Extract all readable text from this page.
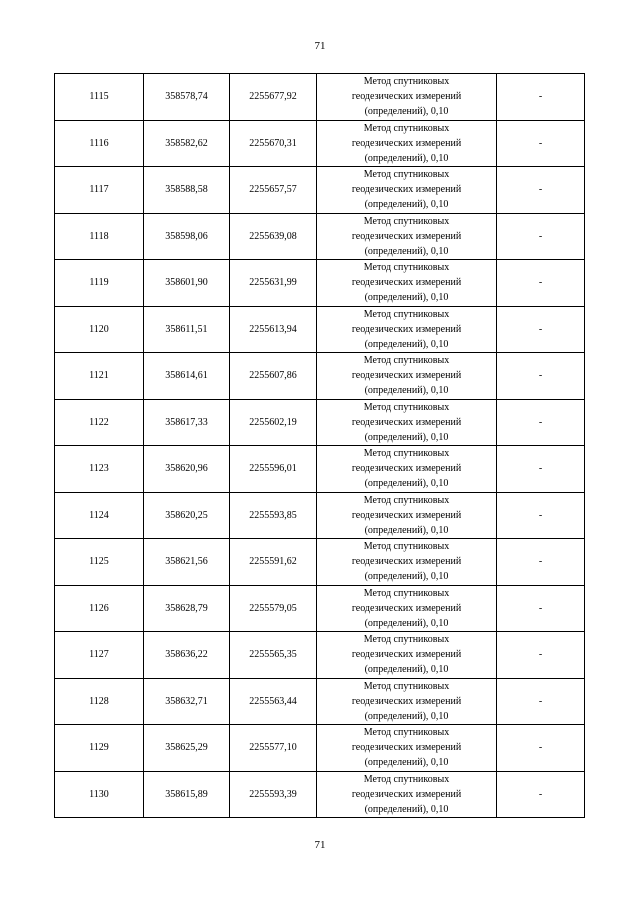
71
1115	358578,74	2255677,92	Метод спутниковых
геодезических измерений
(определений), 0,10	-
1116	358582,62	2255670,31	Метод спутниковых
геодезических измерений
(определений), 0,10	-
1117	358588,58	2255657,57	Метод спутниковых
геодезических измерений
(определений), 0,10	-
1118	358598,06	2255639,08	Метод спутниковых
геодезических измерений
(определений), 0,10	-
1119	358601,90	2255631,99	Метод спутниковых
геодезических измерений
(определений), 0,10	-
1120	358611,51	2255613,94	Метод спутниковых
геодезических измерений
(определений), 0,10	-
1121	358614,61	2255607,86	Метод спутниковых
геодезических измерений
(определений), 0,10	-
1122	358617,33	2255602,19	Метод спутниковых
геодезических измерений
(определений), 0,10	-
1123	358620,96	2255596,01	Метод спутниковых
геодезических измерений
(определений), 0,10	-
1124	358620,25	2255593,85	Метод спутниковых
геодезических измерений
(определений), 0,10	-
1125	358621,56	2255591,62	Метод спутниковых
геодезических измерений
(определений), 0,10	-
1126	358628,79	2255579,05	Метод спутниковых
геодезических измерений
(определений), 0,10	-
1127	358636,22	2255565,35	Метод спутниковых
геодезических измерений
(определений), 0,10	-
1128	358632,71	2255563,44	Метод спутниковых
геодезических измерений
(определений), 0,10	-
1129	358625,29	2255577,10	Метод спутниковых
геодезических измерений
(определений), 0,10	-
1130	358615,89	2255593,39	Метод спутниковых
геодезических измерений
(определений), 0,10	-
71
